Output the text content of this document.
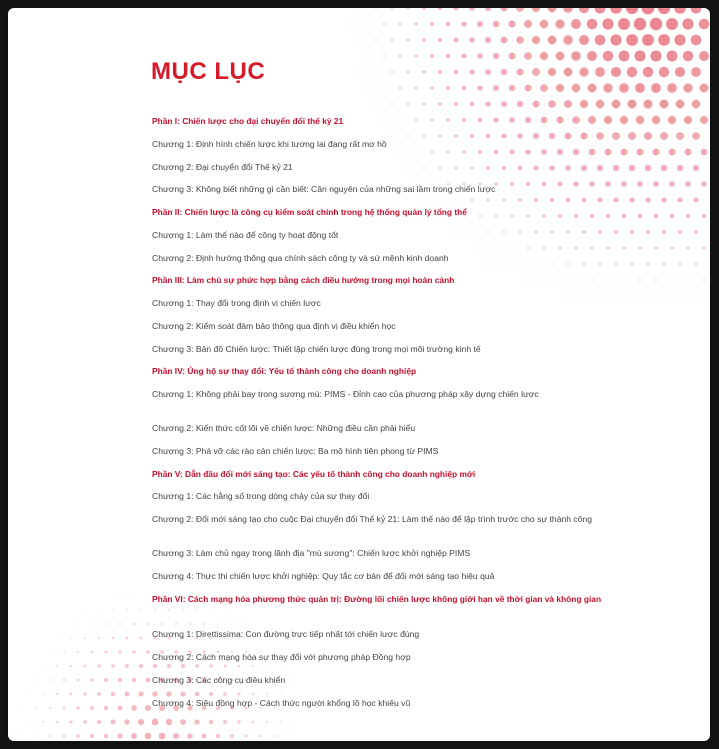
MỤC LỤC
Phần I: Chiến lược cho đại chuyển đổi thế kỷ 21
Chương 1: Định hình chiến lược khi tương lai đang rất mơ hồ
Chương 2: Đại chuyển đổi Thế kỷ 21
Chương 3: Không biết những gì cần biết: Căn nguyên của những sai lầm trong chiến lược
Phần II: Chiến lược là công cụ kiểm soát chính trong hệ thống quản lý tổng thể
Chương 1: Làm thế nào để công ty hoạt động tốt
Chương 2: Định hướng thông qua chính sách công ty và sứ mệnh kinh doanh
Phần III: Làm chủ sự phức hợp bằng cách điều hướng trong mọi hoàn cảnh
Chương 1: Thay đổi trong định vị chiến lược
Chương 2: Kiểm soát đảm bảo thông qua định vị điều khiển học
Chương 3: Bản đồ Chiến lược: Thiết lập chiến lược đúng trong mọi môi trường kinh tế
Phần IV: Ủng hộ sự thay đổi: Yếu tố thành công cho doanh nghiệp
Chương 1: Không phải bay trong sương mù: PIMS - Đỉnh cao của phương pháp xây dựng chiến lược
Chương 2: Kiến thức cốt lõi về chiến lược: Những điều cần phải hiểu
Chương 3: Phá vỡ các rào cản chiến lược: Ba mô hình tiên phong từ PIMS
Phần V: Dẫn đầu đổi mới sáng tạo: Các yếu tố thành công cho doanh nghiệp mới
Chương 1: Các hằng số trong dòng chảy của sự thay đổi
Chương 2: Đổi mới sáng tạo cho cuộc Đại chuyển đổi Thế kỷ 21: Làm thế nào để lập trình trước cho sự thành công
Chương 3: Làm chủ ngay trong lãnh địa "mù sương": Chiến lược khởi nghiệp PIMS
Chương 4: Thực thi chiến lược khởi nghiệp: Quy tắc cơ bản để đổi mới sáng tạo hiệu quả
Phần VI: Cách mạng hóa phương thức quản trị: Đường lối chiến lược không giới hạn về thời gian và không gian
Chương 1: Direttissima: Con đường trực tiếp nhất tới chiến lược đúng
Chương 2: Cách mạng hóa sự thay đổi với phương pháp Đồng hợp
Chương 3: Các công cụ điều khiển
Chương 4: Siêu đồng hợp - Cách thức người khổng lồ học khiêu vũ
